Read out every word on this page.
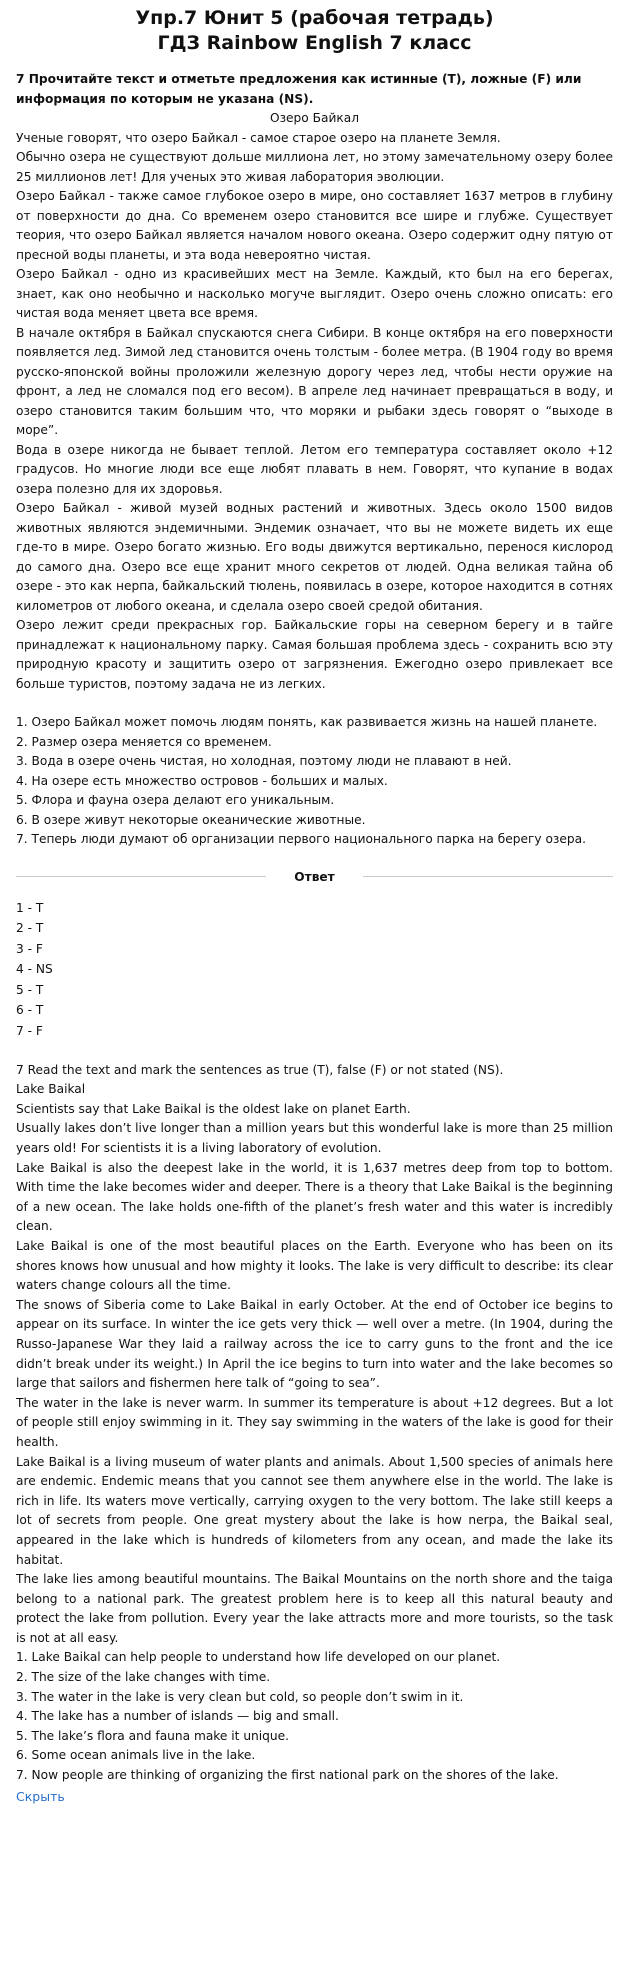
Упр.7 Юнит 5 (рабочая тетрадь)
ГДЗ Rainbow English 7 класс
7 Прочитайте текст и отметьте предложения как истинные (T), ложные (F) или информация по которым не указана (NS).
Озеро Байкал
Ученые говорят, что озеро Байкал - самое старое озеро на планете Земля.
Обычно озера не существуют дольше миллиона лет, но этому замечательному озеру более 25 миллионов лет! Для ученых это живая лаборатория эволюции.
Озеро Байкал - также самое глубокое озеро в мире, оно составляет 1637 метров в глубину от поверхности до дна. Со временем озеро становится все шире и глубже. Существует теория, что озеро Байкал является началом нового океана. Озеро содержит одну пятую от пресной воды планеты, и эта вода невероятно чистая.
Озеро Байкал - одно из красивейших мест на Земле. Каждый, кто был на его берегах, знает, как оно необычно и насколько могуче выглядит. Озеро очень сложно описать: его чистая вода меняет цвета все время.
В начале октября в Байкал спускаются снега Сибири. В конце октября на его поверхности появляется лед. Зимой лед становится очень толстым - более метра. (В 1904 году во время русско-японской войны проложили железную дорогу через лед, чтобы нести оружие на фронт, а лед не сломался под его весом). В апреле лед начинает превращаться в воду, и озеро становится таким большим что, что моряки и рыбаки здесь говорят о “выходе в море”.
Вода в озере никогда не бывает теплой. Летом его температура составляет около +12 градусов. Но многие люди все еще любят плавать в нем. Говорят, что купание в водах озера полезно для их здоровья.
Озеро Байкал - живой музей водных растений и животных. Здесь около 1500 видов животных являются эндемичными. Эндемик означает, что вы не можете видеть их еще где-то в мире. Озеро богато жизнью. Его воды движутся вертикально, перенося кислород до самого дна. Озеро все еще хранит много секретов от людей. Одна великая тайна об озере - это как нерпа, байкальский тюлень, появилась в озере, которое находится в сотнях километров от любого океана, и сделала озеро своей средой обитания.
Озеро лежит среди прекрасных гор. Байкальские горы на северном берегу и в тайге принадлежат к национальному парку. Самая большая проблема здесь - сохранить всю эту природную красоту и защитить озеро от загрязнения. Ежегодно озеро привлекает все больше туристов, поэтому задача не из легких.
1. Озеро Байкал может помочь людям понять, как развивается жизнь на нашей планете.
2. Размер озера меняется со временем.
3. Вода в озере очень чистая, но холодная, поэтому люди не плавают в ней.
4. На озере есть множество островов - больших и малых.
5. Флора и фауна озера делают его уникальным.
6. В озере живут некоторые океанические животные.
7. Теперь люди думают об организации первого национального парка на берегу озера.
Ответ
1 - T
2 - T
3 - F
4 - NS
5 - T
6 - T
7 - F
7 Read the text and mark the sentences as true (T), false (F) or not stated (NS).
Lake Baikal
Scientists say that Lake Baikal is the oldest lake on planet Earth.
Usually lakes don’t live longer than a million years but this wonderful lake is more than 25 million years old! For scientists it is a living laboratory of evolution.
Lake Baikal is also the deepest lake in the world, it is 1,637 metres deep from top to bottom. With time the lake becomes wider and deeper. There is a theory that Lake Baikal is the beginning of a new ocean. The lake holds one-fifth of the planet’s fresh water and this water is incredibly clean.
Lake Baikal is one of the most beautiful places on the Earth. Everyone who has been on its shores knows how unusual and how mighty it looks. The lake is very difficult to describe: its clear waters change colours all the time.
The snows of Siberia come to Lake Baikal in early October. At the end of October ice begins to appear on its surface. In winter the ice gets very thick — well over a metre. (In 1904, during the Russo-Japanese War they laid a railway across the ice to carry guns to the front and the ice didn’t break under its weight.) In April the ice begins to turn into water and the lake becomes so large that sailors and fishermen here talk of “going to sea”.
The water in the lake is never warm. In summer its temperature is about +12 degrees. But a lot of people still enjoy swimming in it. They say swimming in the waters of the lake is good for their health.
Lake Baikal is a living museum of water plants and animals. About 1,500 species of animals here are endemic. Endemic means that you cannot see them anywhere else in the world. The lake is rich in life. Its waters move vertically, carrying oxygen to the very bottom. The lake still keeps a lot of secrets from people. One great mystery about the lake is how nerpa, the Baikal seal, appeared in the lake which is hundreds of kilometers from any ocean, and made the lake its habitat.
The lake lies among beautiful mountains. The Baikal Mountains on the north shore and the taiga belong to a national park. The greatest problem here is to keep all this natural beauty and protect the lake from pollution. Every year the lake attracts more and more tourists, so the task is not at all easy.
1. Lake Baikal can help people to understand how life developed on our planet.
2. The size of the lake changes with time.
3. The water in the lake is very clean but cold, so people don’t swim in it.
4. The lake has a number of islands — big and small.
5. The lake’s flora and fauna make it unique.
6. Some ocean animals live in the lake.
7. Now people are thinking of organizing the first national park on the shores of the lake.
Скрыть
